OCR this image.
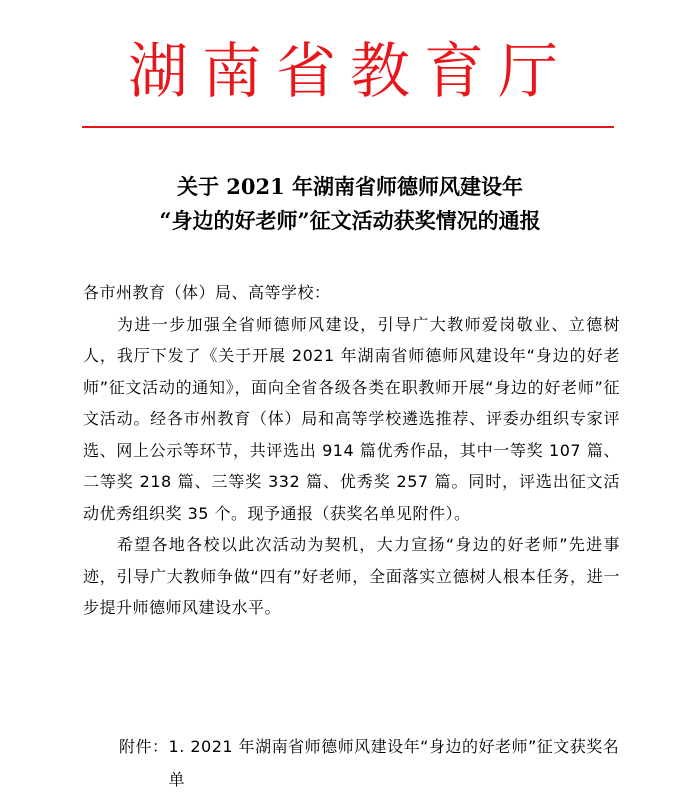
湖南省教育厅
关于 2021 年湖南省师德师风建设年
“身边的好老师”征文活动获奖情况的通报

各市州教育（体）局、高等学校：

为进一步加强全省师德师风建设，引导广大教师爱岗敬业、立德树人，我厅下发了《关于开展 2021 年湖南省师德师风建设年“身边的好老师”征文活动的通知》，面向全省各级各类在职教师开展“身边的好老师”征文活动。经各市州教育（体）局和高等学校遴选推荐、评委办组织专家评选、网上公示等环节，共评选出 914 篇优秀作品，其中一等奖 107 篇、二等奖 218 篇、三等奖 332 篇、优秀奖 257 篇。同时，评选出征文活动优秀组织奖 35 个。现予通报（获奖名单见附件）。

希望各地各校以此次活动为契机，大力宣扬“身边的好老师”先进事迹，引导广大教师争做“四有”好老师，全面落实立德树人根本任务，进一步提升师德师风建设水平。

附件： 1. 2021 年湖南省师德师风建设年“身边的好老师”征文获奖名单
